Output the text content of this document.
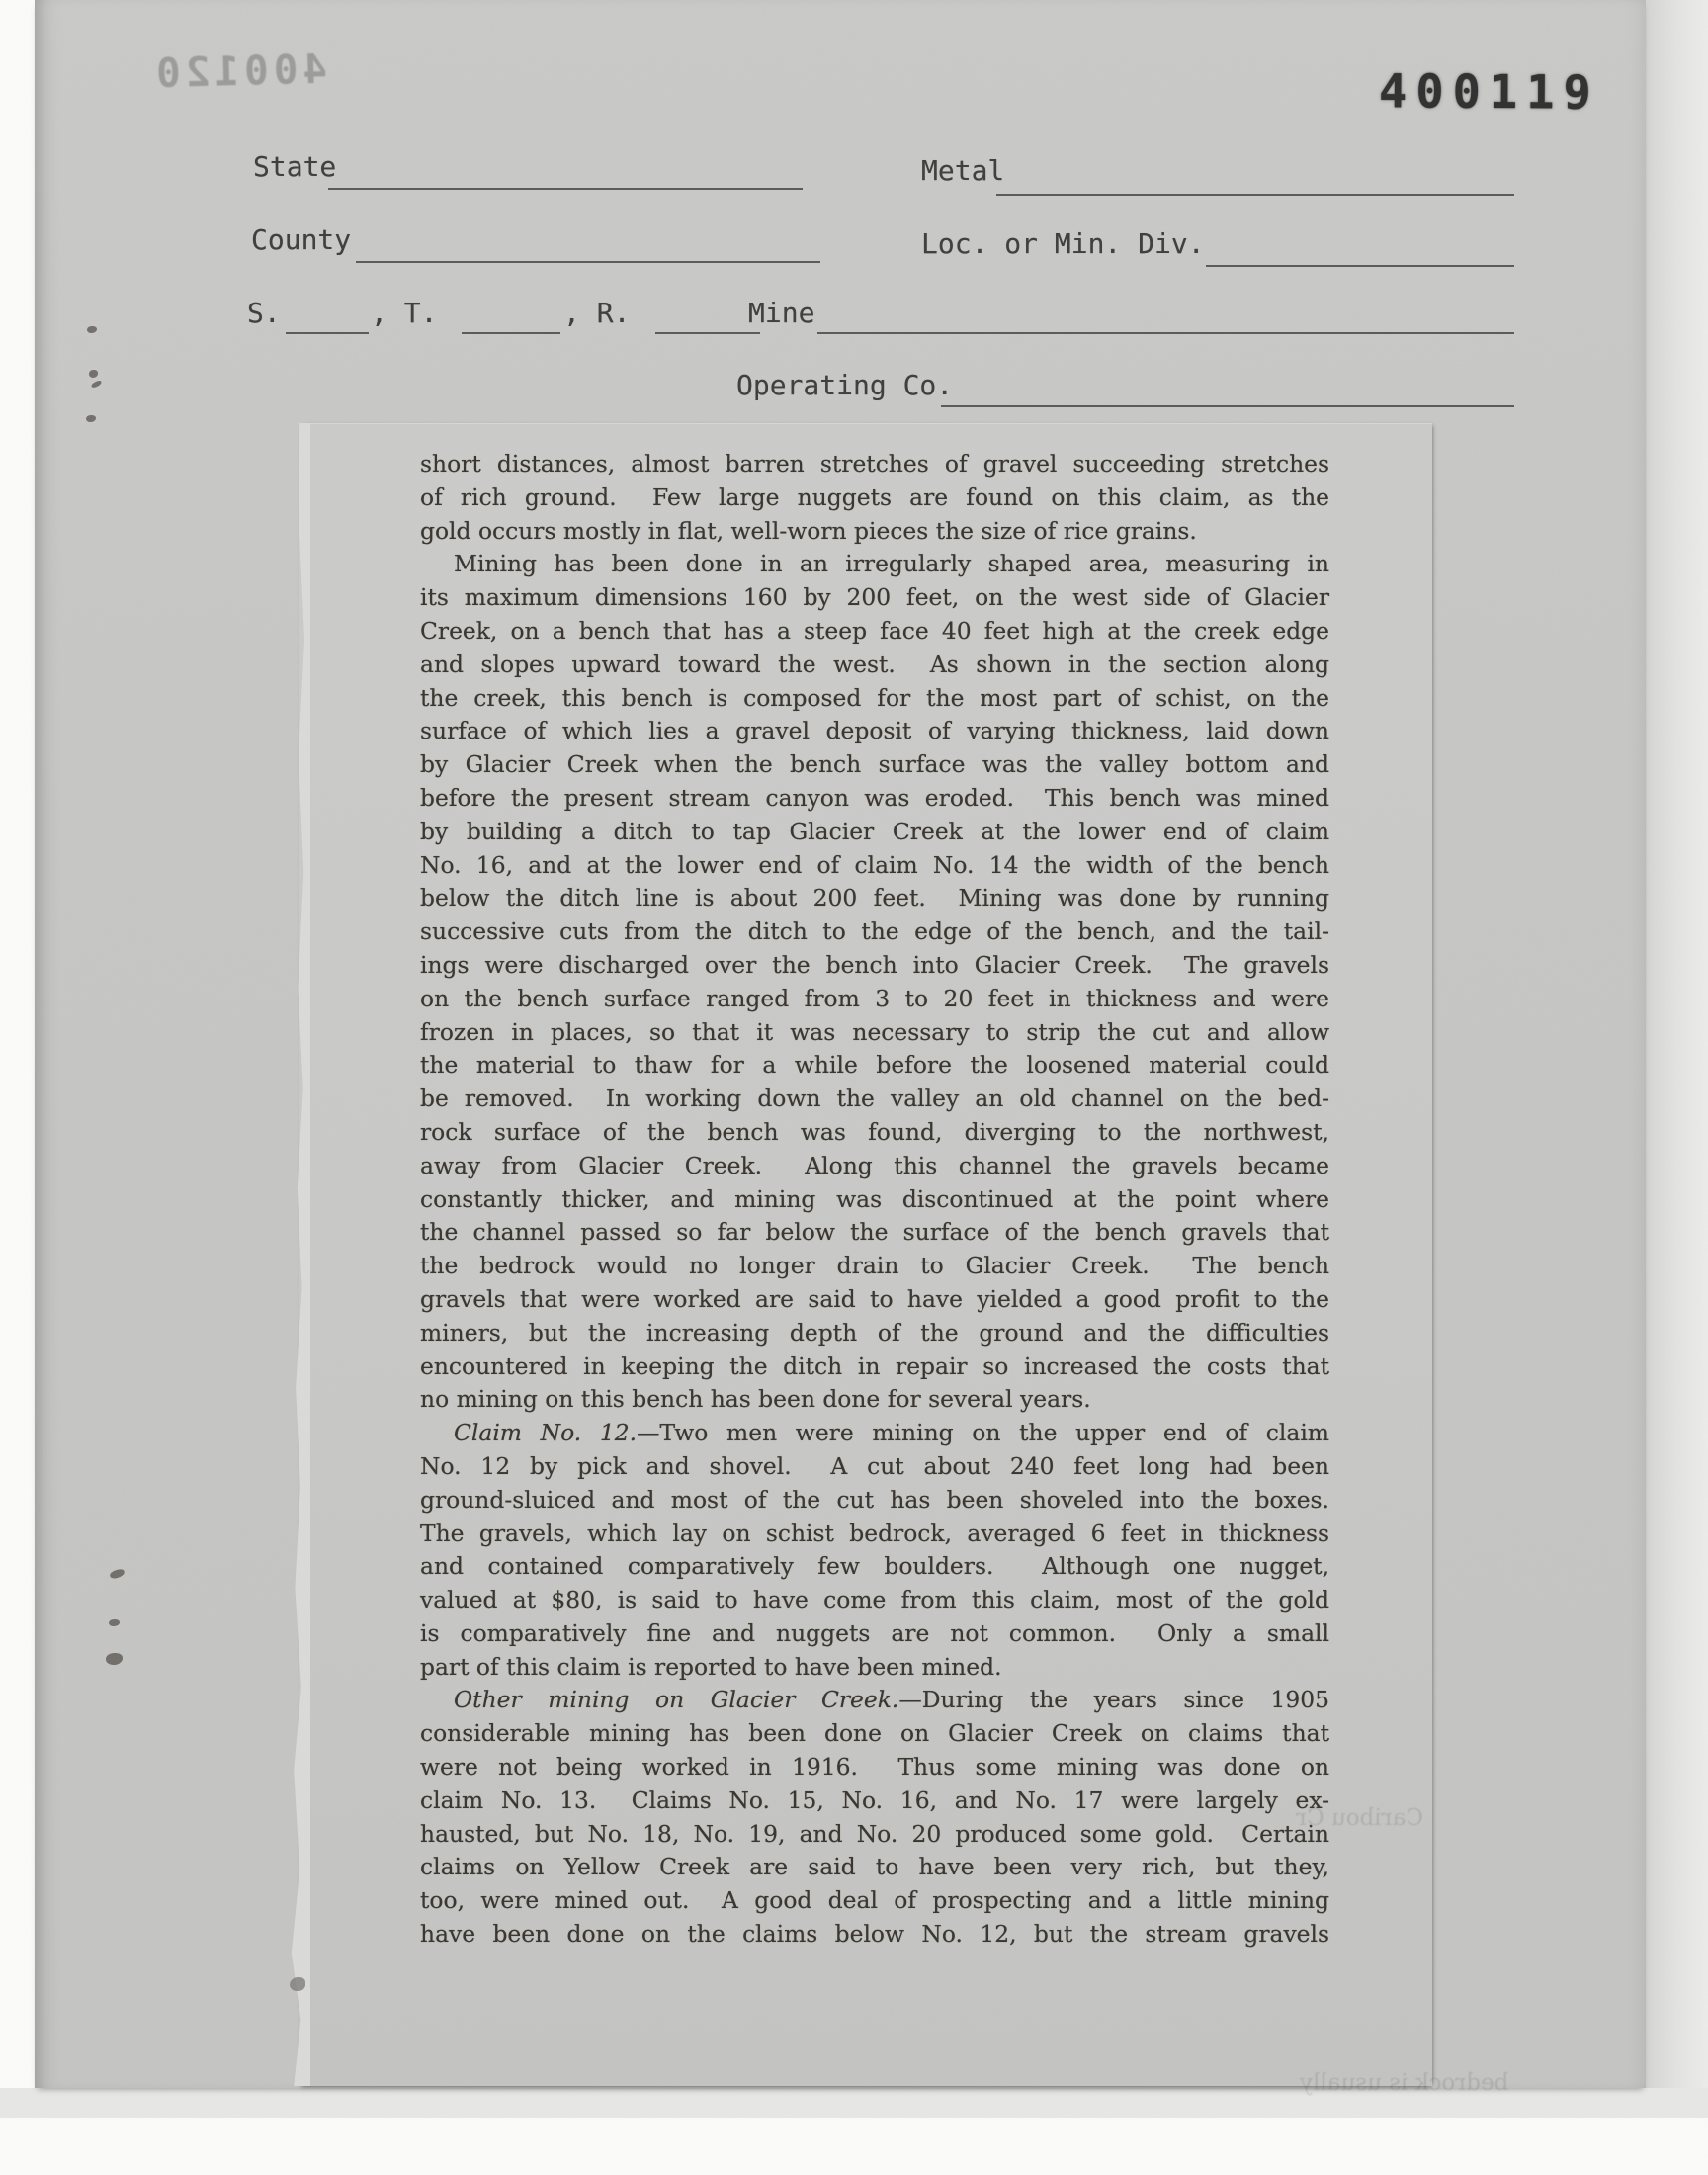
400120	400119
State	Metal
County	Loc. or Min. Div.
S.	, T.	, R.	Mine
Operating Co.
short distances, almost barren stretches of gravel succeeding stretches
of rich ground.  Few large nuggets are found on this claim, as the
gold occurs mostly in flat, well-worn pieces the size of rice grains.
Mining has been done in an irregularly shaped area, measuring in
its maximum dimensions 160 by 200 feet, on the west side of Glacier
Creek, on a bench that has a steep face 40 feet high at the creek edge
and slopes upward toward the west.  As shown in the section along
the creek, this bench is composed for the most part of schist, on the
surface of which lies a gravel deposit of varying thickness, laid down
by Glacier Creek when the bench surface was the valley bottom and
before the present stream canyon was eroded.  This bench was mined
by building a ditch to tap Glacier Creek at the lower end of claim
No. 16, and at the lower end of claim No. 14 the width of the bench
below the ditch line is about 200 feet.  Mining was done by running
successive cuts from the ditch to the edge of the bench, and the tail-
ings were discharged over the bench into Glacier Creek.  The gravels
on the bench surface ranged from 3 to 20 feet in thickness and were
frozen in places, so that it was necessary to strip the cut and allow
the material to thaw for a while before the loosened material could
be removed.  In working down the valley an old channel on the bed-
rock surface of the bench was found, diverging to the northwest,
away from Glacier Creek.  Along this channel the gravels became
constantly thicker, and mining was discontinued at the point where
the channel passed so far below the surface of the bench gravels that
the bedrock would no longer drain to Glacier Creek.  The bench
gravels that were worked are said to have yielded a good profit to the
miners, but the increasing depth of the ground and the difficulties
encountered in keeping the ditch in repair so increased the costs that
no mining on this bench has been done for several years.
Claim No. 12.—Two men were mining on the upper end of claim
No. 12 by pick and shovel.  A cut about 240 feet long had been
ground-sluiced and most of the cut has been shoveled into the boxes.
The gravels, which lay on schist bedrock, averaged 6 feet in thickness
and contained comparatively few boulders.  Although one nugget,
valued at $80, is said to have come from this claim, most of the gold
is comparatively fine and nuggets are not common.  Only a small
part of this claim is reported to have been mined.
Other mining on Glacier Creek.—During the years since 1905
considerable mining has been done on Glacier Creek on claims that
were not being worked in 1916.  Thus some mining was done on
claim No. 13.  Claims No. 15, No. 16, and No. 17 were largely ex-
hausted, but No. 18, No. 19, and No. 20 produced some gold.  Certain
claims on Yellow Creek are said to have been very rich, but they,
too, were mined out.  A good deal of prospecting and a little mining
have been done on the claims below No. 12, but the stream gravels
Caribou Cr
bedrock is usually
